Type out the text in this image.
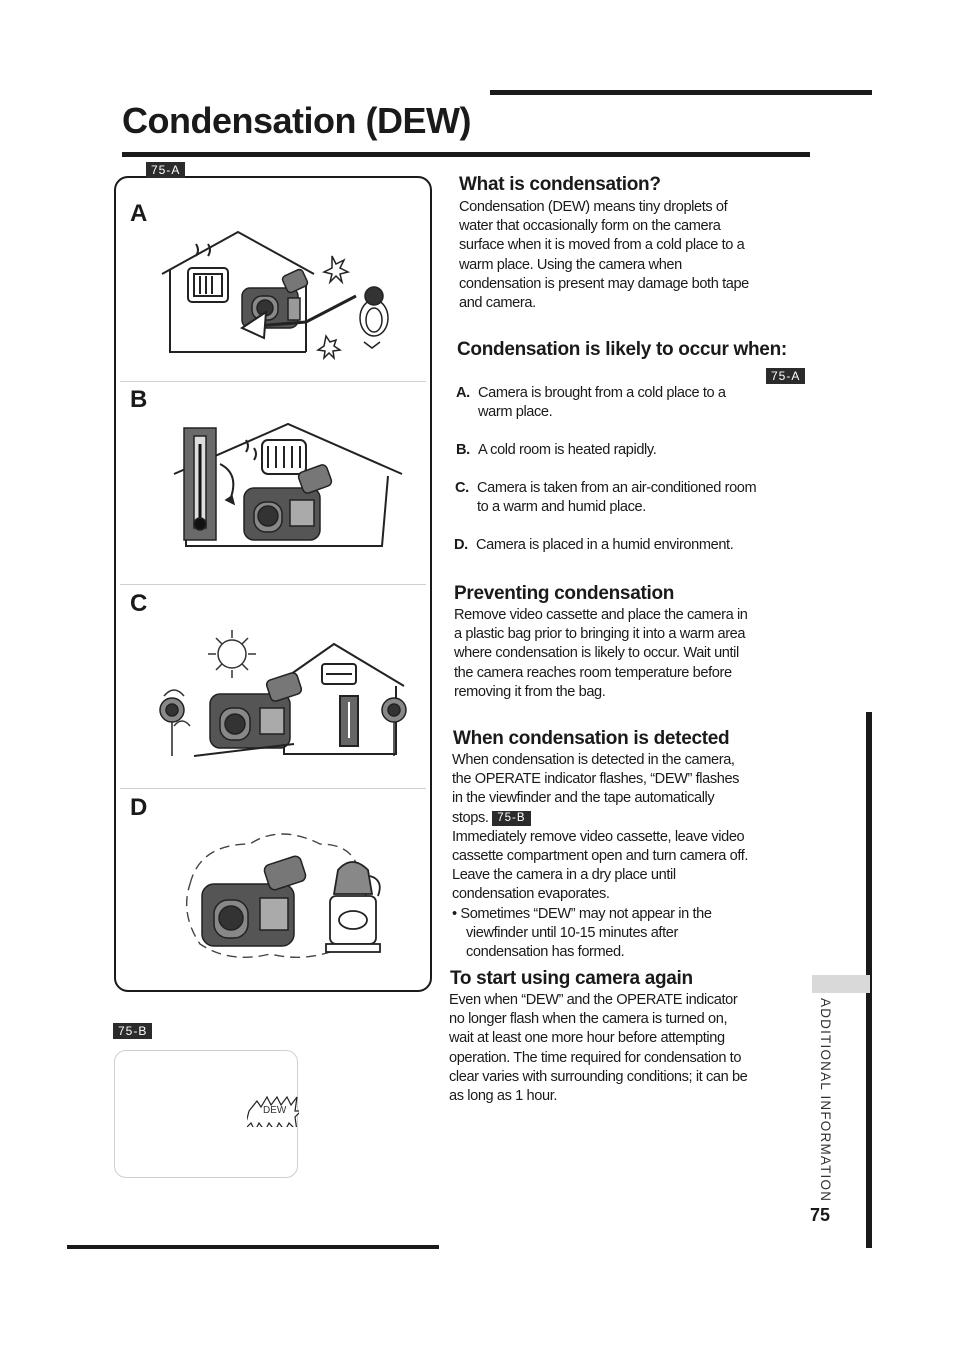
Condensation (DEW)
ADDITIONAL INFORMATION
75
A
B
C
D
75-A
75-B
DEW
What is condensation?
Condensation (DEW) means tiny droplets of
water that occasionally form on the camera
surface when it is moved from a cold place to a
warm place. Using the camera when
condensation is present may damage both tape
and camera.
Condensation is likely to occur when:
75-A
A. Camera is brought from a cold place to a
warm place.
B. A cold room is heated rapidly.
C. Camera is taken from an air-conditioned room
to a warm and humid place.
D. Camera is placed in a humid environment.
Preventing condensation
Remove video cassette and place the camera in
a plastic bag prior to bringing it into a warm area
where condensation is likely to occur. Wait until
the camera reaches room temperature before
removing it from the bag.
When condensation is detected
When condensation is detected in the camera,
the OPERATE indicator flashes, “DEW” flashes
in the viewfinder and the tape automatically
stops. 75-B
Immediately remove video cassette, leave video
cassette compartment open and turn camera off.
Leave the camera in a dry place until
condensation evaporates.
• Sometimes “DEW” may not appear in the
viewfinder until 10-15 minutes after
condensation has formed.
To start using camera again
Even when “DEW” and the OPERATE indicator
no longer flash when the camera is turned on,
wait at least one more hour before attempting
operation. The time required for condensation to
clear varies with surrounding conditions; it can be
as long as 1 hour.
